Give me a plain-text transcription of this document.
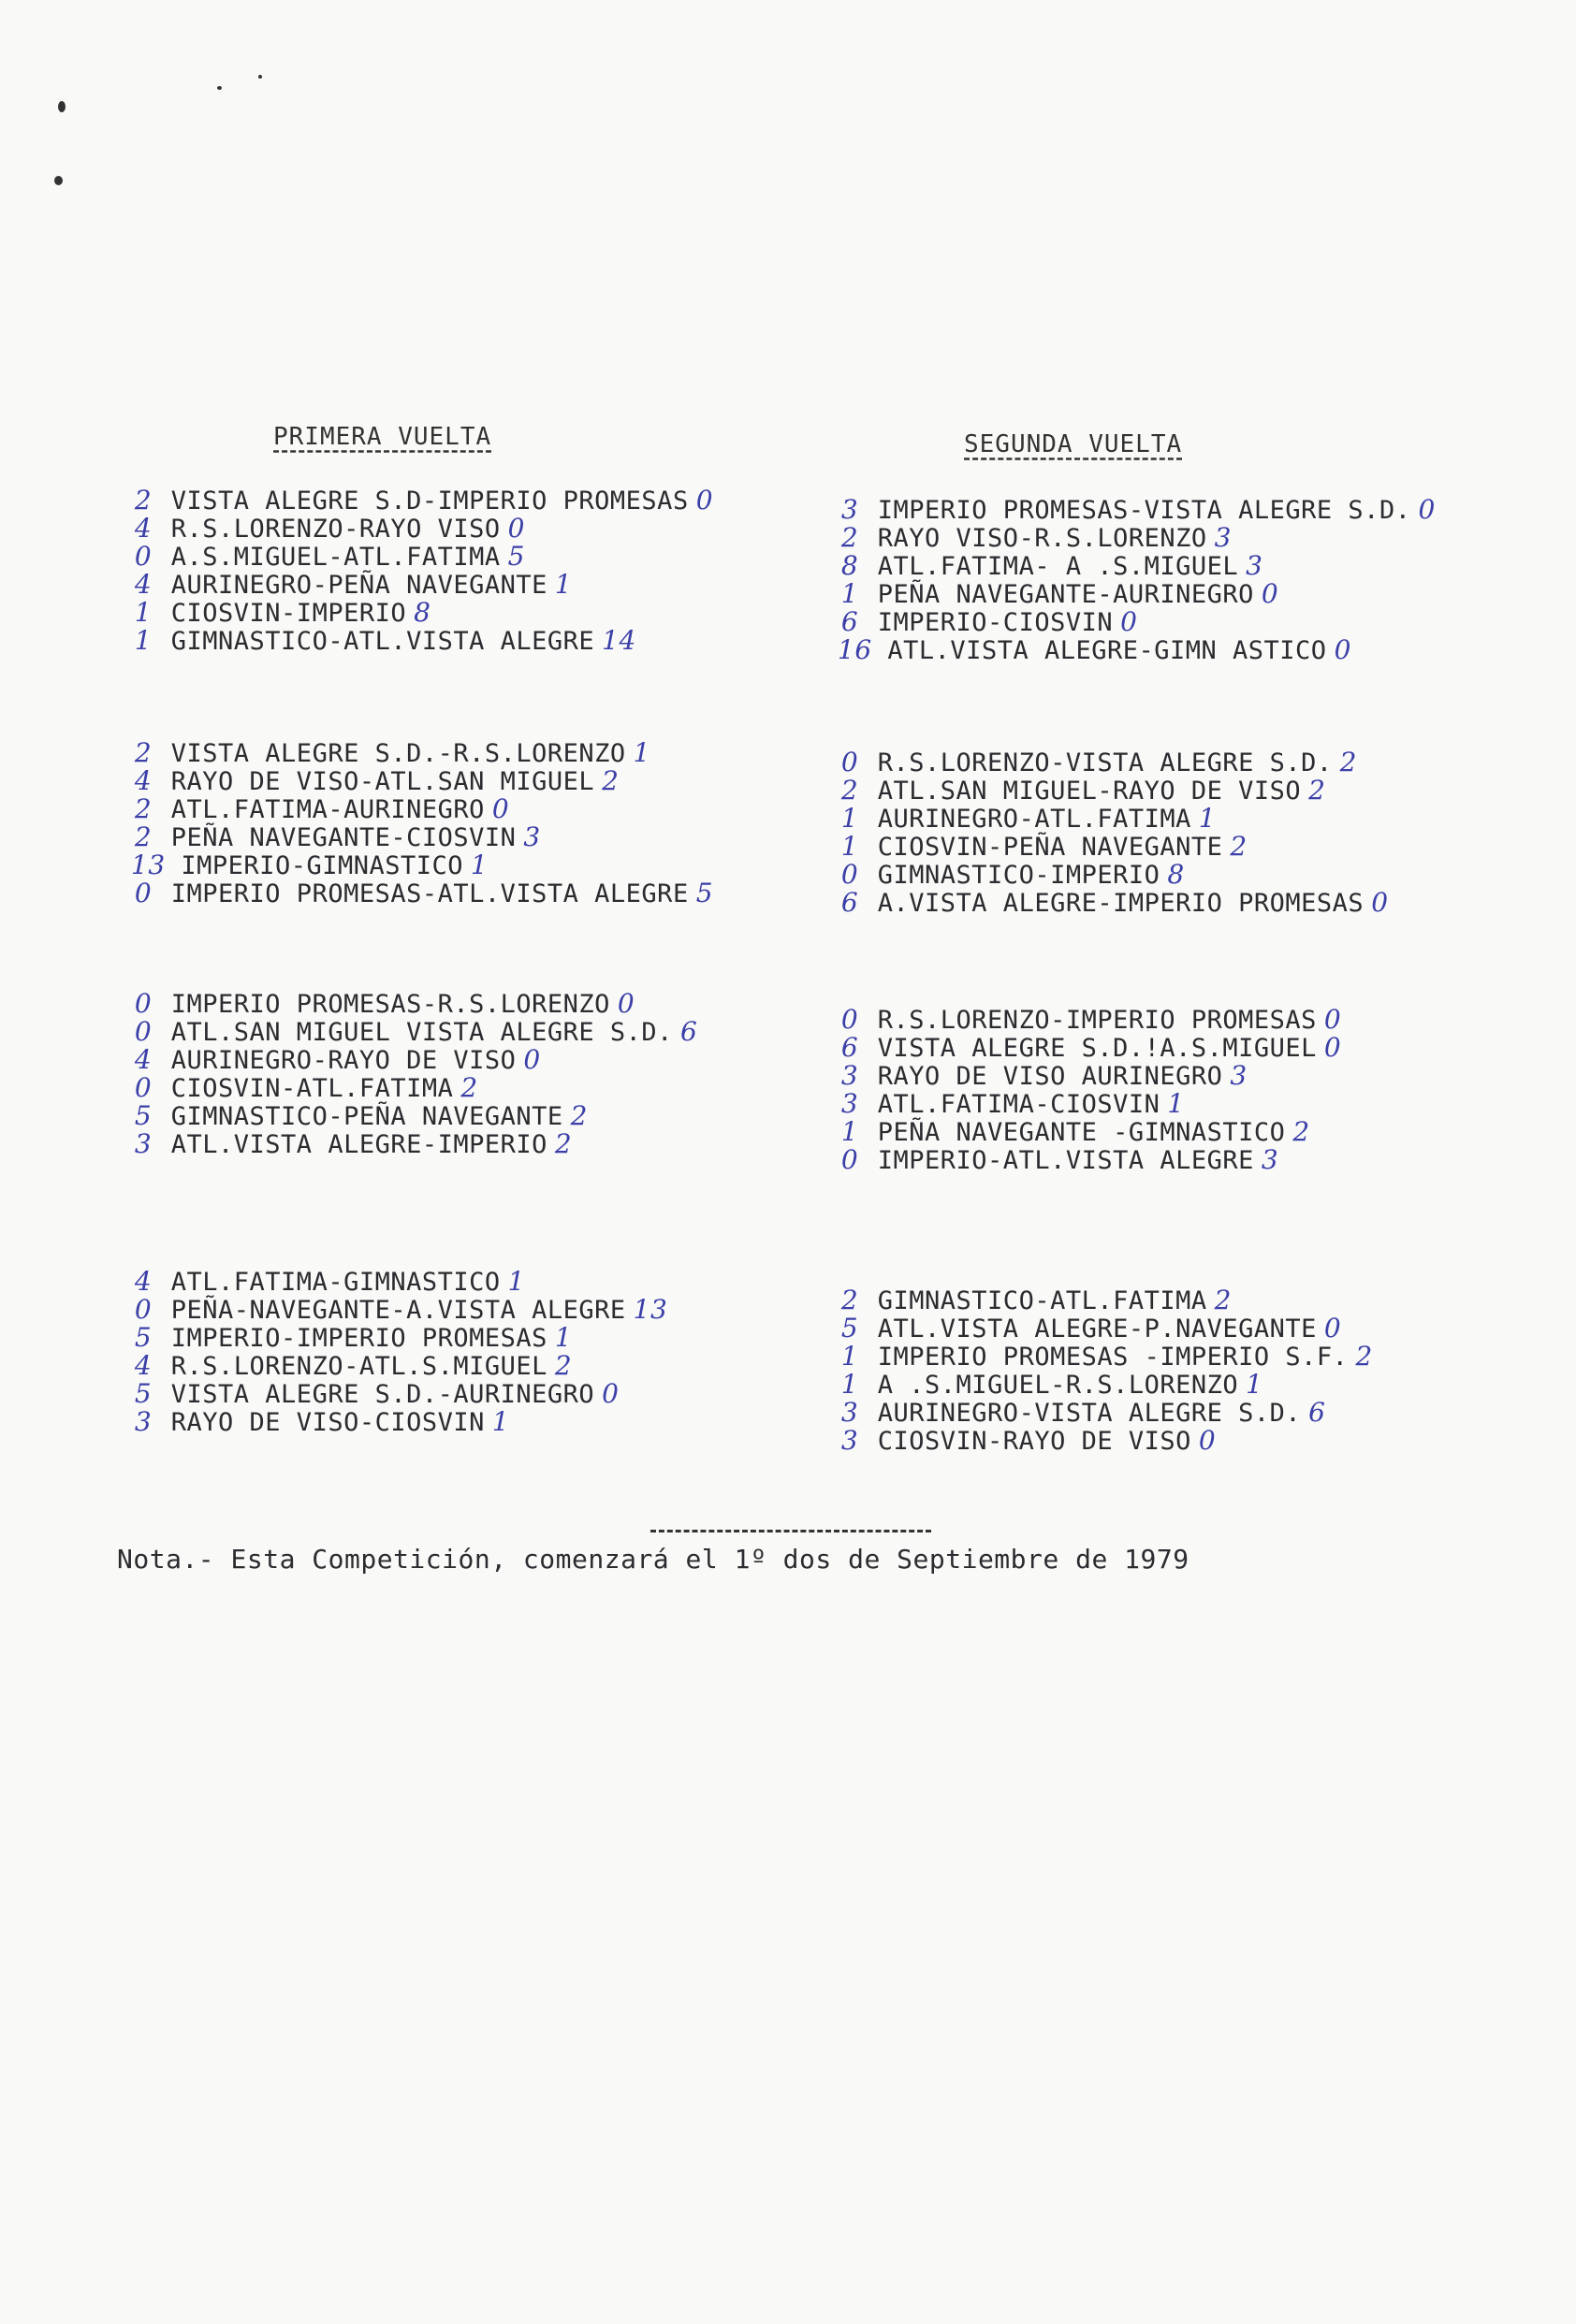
PRIMERA VUELTA
2 VISTA ALEGRE S.D-IMPERIO PROMESAS 0
4 R.S.LORENZO-RAYO VISO 0
0 A.S.MIGUEL-ATL.FATIMA 5
4 AURINEGRO-PEÑA NAVEGANTE 1
1 CIOSVIN-IMPERIO 8
1 GIMNASTICO-ATL.VISTA ALEGRE 14
2 VISTA ALEGRE S.D.-R.S.LORENZO 1
4 RAYO DE VISO-ATL.SAN MIGUEL 2
2 ATL.FATIMA-AURINEGRO 0
2 PEÑA NAVEGANTE-CIOSVIN 3
13 IMPERIO-GIMNASTICO 1
0 IMPERIO PROMESAS-ATL.VISTA ALEGRE 5
0 IMPERIO PROMESAS-R.S.LORENZO 0
0 ATL.SAN MIGUEL VISTA ALEGRE S.D. 6
4 AURINEGRO-RAYO DE VISO 0
0 CIOSVIN-ATL.FATIMA 2
5 GIMNASTICO-PEÑA NAVEGANTE 2
3 ATL.VISTA ALEGRE-IMPERIO 2
4 ATL.FATIMA-GIMNASTICO 1
0 PEÑA-NAVEGANTE-A.VISTA ALEGRE 13
5 IMPERIO-IMPERIO PROMESAS 1
4 R.S.LORENZO-ATL.S.MIGUEL 2
5 VISTA ALEGRE S.D.-AURINEGRO 0
3 RAYO DE VISO-CIOSVIN 1
SEGUNDA VUELTA
3 IMPERIO PROMESAS-VISTA ALEGRE S.D. 0
2 RAYO VISO-R.S.LORENZO 3
8 ATL.FATIMA- A .S.MIGUEL 3
1 PEÑA NAVEGANTE-AURINEGRO 0
6 IMPERIO-CIOSVIN 0
16 ATL.VISTA ALEGRE-GIMN ASTICO 0
0 R.S.LORENZO-VISTA ALEGRE S.D. 2
2 ATL.SAN MIGUEL-RAYO DE VISO 2
1 AURINEGRO-ATL.FATIMA 1
1 CIOSVIN-PEÑA NAVEGANTE 2
0 GIMNASTICO-IMPERIO 8
6 A.VISTA ALEGRE-IMPERIO PROMESAS 0
0 R.S.LORENZO-IMPERIO PROMESAS 0
6 VISTA ALEGRE S.D.!A.S.MIGUEL 0
3 RAYO DE VISO AURINEGRO 3
3 ATL.FATIMA-CIOSVIN 1
1 PEÑA NAVEGANTE -GIMNASTICO 2
0 IMPERIO-ATL.VISTA ALEGRE 3
2 GIMNASTICO-ATL.FATIMA 2
5 ATL.VISTA ALEGRE-P.NAVEGANTE 0
1 IMPERIO PROMESAS -IMPERIO S.F. 2
1 A .S.MIGUEL-R.S.LORENZO 1
3 AURINEGRO-VISTA ALEGRE S.D. 6
3 CIOSVIN-RAYO DE VISO 0
Nota.- Esta Competición, comenzará el 1º dos de Septiembre de 1979
